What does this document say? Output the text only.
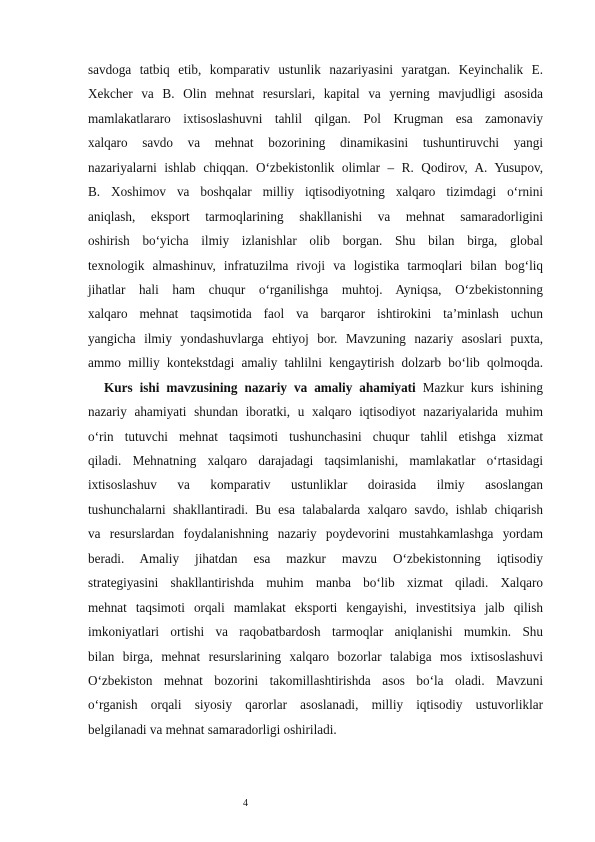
savdoga tatbiq etib, komparativ ustunlik nazariyasini yaratgan. Keyinchalik E.
Xekcher va B. Olin mehnat resurslari, kapital va yerning mavjudligi asosida
mamlakatlararo ixtisoslashuvni tahlil qilgan. Pol Krugman esa zamonaviy
xalqaro savdo va mehnat bozorining dinamikasini tushuntiruvchi yangi
nazariyalarni ishlab chiqqan. O‘zbekistonlik olimlar – R. Qodirov, A. Yusupov,
B. Xoshimov va boshqalar milliy iqtisodiyotning xalqaro tizimdagi o‘rnini
aniqlash, eksport tarmoqlarining shakllanishi va mehnat samaradorligini
oshirish bo‘yicha ilmiy izlanishlar olib borgan. Shu bilan birga, global
texnologik almashinuv, infratuzilma rivoji va logistika tarmoqlari bilan bog‘liq
jihatlar hali ham chuqur o‘rganilishga muhtoj. Ayniqsa, O‘zbekistonning
xalqaro mehnat taqsimotida faol va barqaror ishtirokini ta’minlash uchun
yangicha ilmiy yondashuvlarga ehtiyoj bor. Mavzuning nazariy asoslari puxta,
ammo milliy kontekstdagi amaliy tahlilni kengaytirish dolzarb bo‘lib qolmoqda.
Kurs ishi mavzusining nazariy va amaliy ahamiyati Mazkur kurs ishining
nazariy ahamiyati shundan iboratki, u xalqaro iqtisodiyot nazariyalarida muhim
o‘rin tutuvchi mehnat taqsimoti tushunchasini chuqur tahlil etishga xizmat
qiladi. Mehnatning xalqaro darajadagi taqsimlanishi, mamlakatlar o‘rtasidagi
ixtisoslashuv va komparativ ustunliklar doirasida ilmiy asoslangan
tushunchalarni shakllantiradi. Bu esa talabalarda xalqaro savdo, ishlab chiqarish
va resurslardan foydalanishning nazariy poydevorini mustahkamlashga yordam
beradi. Amaliy jihatdan esa mazkur mavzu O‘zbekistonning iqtisodiy
strategiyasini shakllantirishda muhim manba bo‘lib xizmat qiladi. Xalqaro
mehnat taqsimoti orqali mamlakat eksporti kengayishi, investitsiya jalb qilish
imkoniyatlari ortishi va raqobatbardosh tarmoqlar aniqlanishi mumkin. Shu
bilan birga, mehnat resurslarining xalqaro bozorlar talabiga mos ixtisoslashuvi
O‘zbekiston mehnat bozorini takomillashtirishda asos bo‘la oladi. Mavzuni
o‘rganish orqali siyosiy qarorlar asoslanadi, milliy iqtisodiy ustuvorliklar
belgilanadi va mehnat samaradorligi oshiriladi.
4
